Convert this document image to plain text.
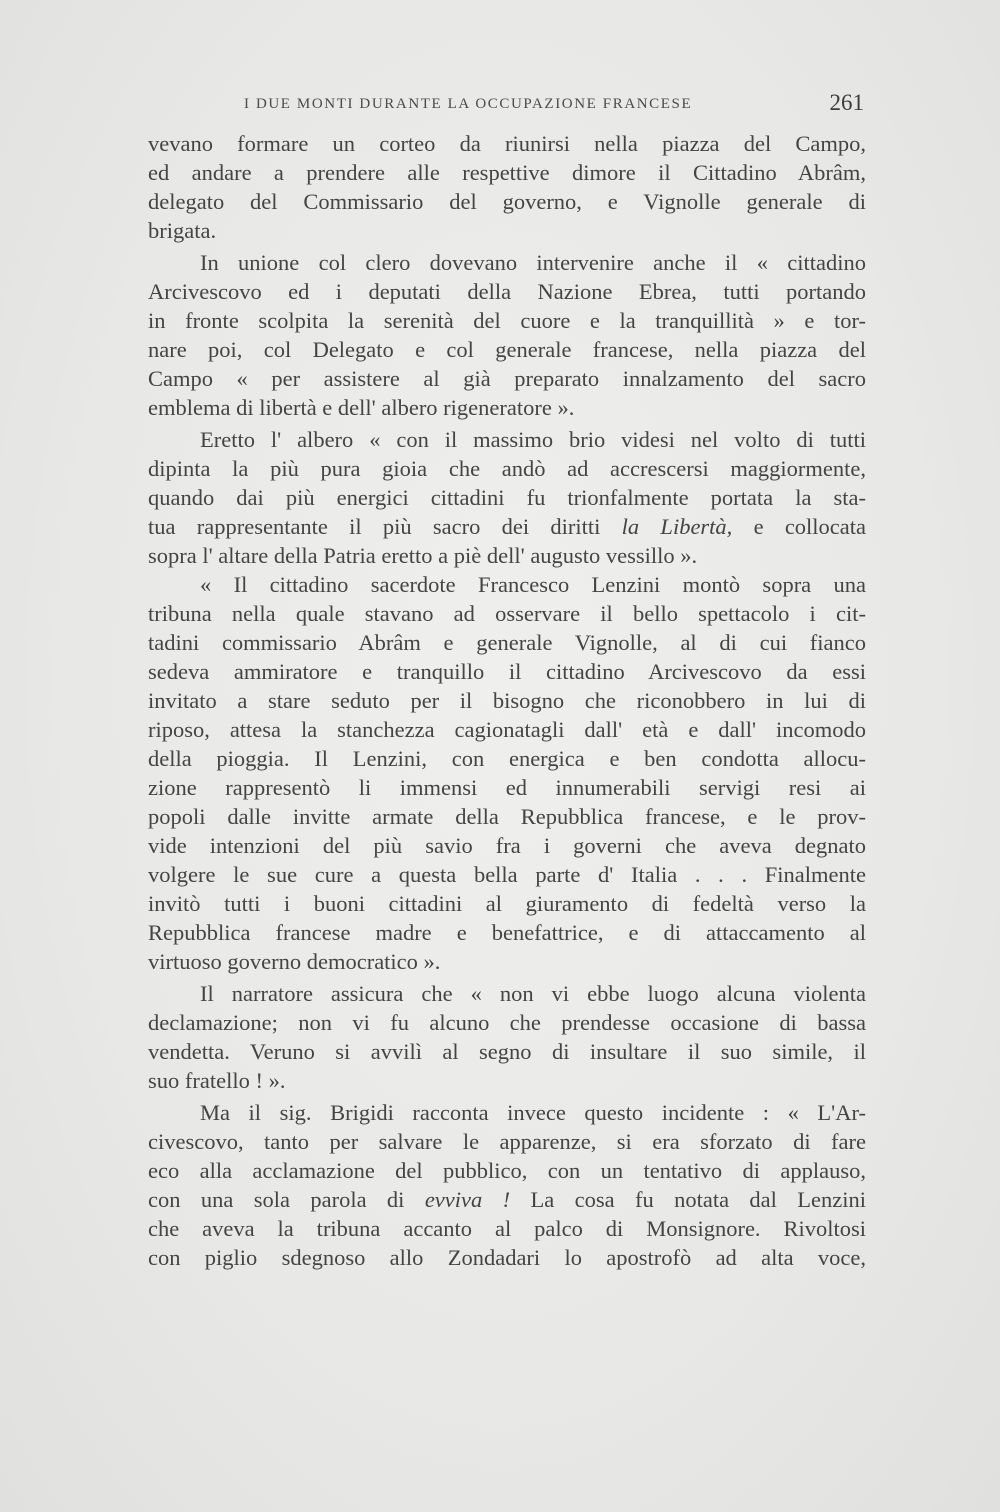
I DUE MONTI DURANTE LA OCCUPAZIONE FRANCESE	261
vevano formare un corteo da riunirsi nella piazza del Campo,
ed andare a prendere alle respettive dimore il Cittadino Abrâm,
delegato del Commissario del governo, e Vignolle generale di
brigata.
In unione col clero dovevano intervenire anche il « cittadino
Arcivescovo ed i deputati della Nazione Ebrea, tutti portando
in fronte scolpita la serenità del cuore e la tranquillità » e tor-
nare poi, col Delegato e col generale francese, nella piazza del
Campo « per assistere al già preparato innalzamento del sacro
emblema di libertà e dell' albero rigeneratore ».
Eretto l' albero « con il massimo brio videsi nel volto di tutti
dipinta la più pura gioia che andò ad accrescersi maggiormente,
quando dai più energici cittadini fu trionfalmente portata la sta-
tua rappresentante il più sacro dei diritti la Libertà, e collocata
sopra l' altare della Patria eretto a piè dell' augusto vessillo ».
« Il cittadino sacerdote Francesco Lenzini montò sopra una
tribuna nella quale stavano ad osservare il bello spettacolo i cit-
tadini commissario Abrâm e generale Vignolle, al di cui fianco
sedeva ammiratore e tranquillo il cittadino Arcivescovo da essi
invitato a stare seduto per il bisogno che riconobbero in lui di
riposo, attesa la stanchezza cagionatagli dall' età e dall' incomodo
della pioggia. Il Lenzini, con energica e ben condotta allocu-
zione rappresentò li immensi ed innumerabili servigi resi ai
popoli dalle invitte armate della Repubblica francese, e le prov-
vide intenzioni del più savio fra i governi che aveva degnato
volgere le sue cure a questa bella parte d' Italia . . . Finalmente
invitò tutti i buoni cittadini al giuramento di fedeltà verso la
Repubblica francese madre e benefattrice, e di attaccamento al
virtuoso governo democratico ».
Il narratore assicura che « non vi ebbe luogo alcuna violenta
declamazione; non vi fu alcuno che prendesse occasione di bassa
vendetta. Veruno si avvilì al segno di insultare il suo simile, il
suo fratello ! ».
Ma il sig. Brigidi racconta invece questo incidente : « L'Ar-
civescovo, tanto per salvare le apparenze, si era sforzato di fare
eco alla acclamazione del pubblico, con un tentativo di applauso,
con una sola parola di evviva ! La cosa fu notata dal Lenzini
che aveva la tribuna accanto al palco di Monsignore. Rivoltosi
con piglio sdegnoso allo Zondadari lo apostrofò ad alta voce,
